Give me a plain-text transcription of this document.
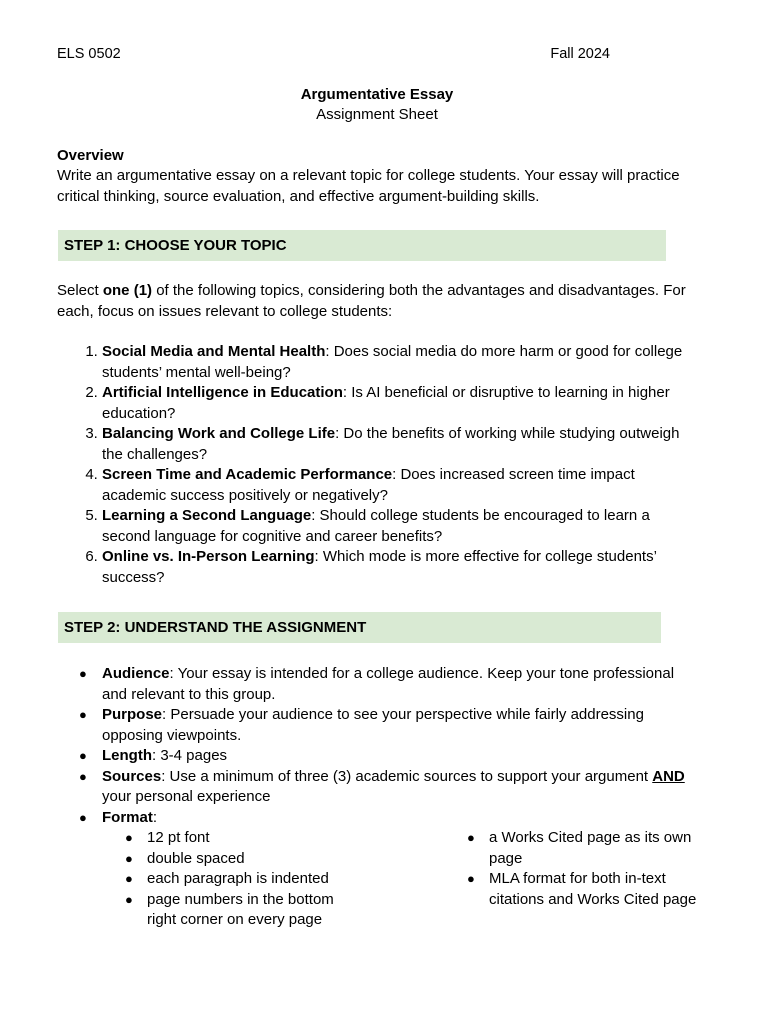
ELS 0502	Fall 2024
Argumentative Essay
Assignment Sheet
Overview
Write an argumentative essay on a relevant topic for college students. Your essay will practice critical thinking, source evaluation, and effective argument-building skills.
STEP 1: CHOOSE YOUR TOPIC
Select one (1) of the following topics, considering both the advantages and disadvantages. For each, focus on issues relevant to college students:
1. Social Media and Mental Health: Does social media do more harm or good for college students’ mental well-being?
2. Artificial Intelligence in Education: Is AI beneficial or disruptive to learning in higher education?
3. Balancing Work and College Life: Do the benefits of working while studying outweigh the challenges?
4. Screen Time and Academic Performance: Does increased screen time impact academic success positively or negatively?
5. Learning a Second Language: Should college students be encouraged to learn a second language for cognitive and career benefits?
6. Online vs. In-Person Learning: Which mode is more effective for college students’ success?
STEP 2: UNDERSTAND THE ASSIGNMENT
● Audience: Your essay is intended for a college audience. Keep your tone professional and relevant to this group.
● Purpose: Persuade your audience to see your perspective while fairly addressing opposing viewpoints.
● Length: 3-4 pages
● Sources: Use a minimum of three (3) academic sources to support your argument AND your personal experience
● Format:
● 12 pt font
● double spaced
● each paragraph is indented
● page numbers in the bottom right corner on every page
● a Works Cited page as its own page
● MLA format for both in-text citations and Works Cited page
